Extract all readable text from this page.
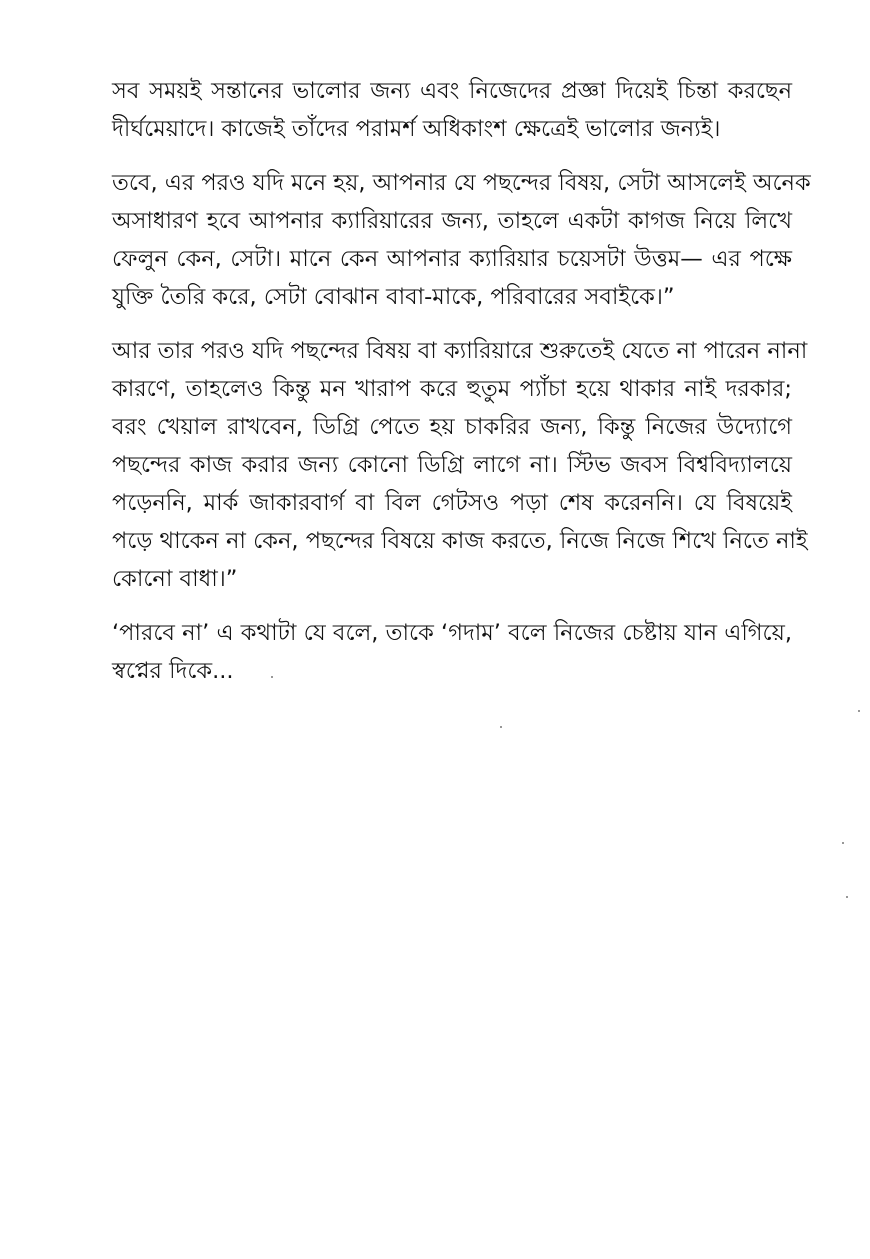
সব সময়ই সন্তানের ভালোর জন্য এবং নিজেদের প্রজ্ঞা দিয়েই চিন্তা করছেন
দীর্ঘমেয়াদে। কাজেই তাঁদের পরামর্শ অধিকাংশ ক্ষেত্রেই ভালোর জন্যই।

তবে, এর পরও যদি মনে হয়, আপনার যে পছন্দের বিষয়, সেটা আসলেই অনেক
অসাধারণ হবে আপনার ক্যারিয়ারের জন্য, তাহলে একটা কাগজ নিয়ে লিখে
ফেলুন কেন, সেটা। মানে কেন আপনার ক্যারিয়ার চয়েসটা উত্তম— এর পক্ষে
যুক্তি তৈরি করে, সেটা বোঝান বাবা-মাকে, পরিবারের সবাইকে।”

আর তার পরও যদি পছন্দের বিষয় বা ক্যারিয়ারে শুরুতেই যেতে না পারেন নানা
কারণে, তাহলেও কিন্তু মন খারাপ করে হুতুম প্যাঁচা হয়ে থাকার নাই দরকার;
বরং খেয়াল রাখবেন, ডিগ্রি পেতে হয় চাকরির জন্য, কিন্তু নিজের উদ্যোগে
পছন্দের কাজ করার জন্য কোনো ডিগ্রি লাগে না। স্টিভ জবস বিশ্ববিদ্যালয়ে
পড়েননি, মার্ক জাকারবার্গ বা বিল গেটসও পড়া শেষ করেননি। যে বিষয়েই
পড়ে থাকেন না কেন, পছন্দের বিষয়ে কাজ করতে, নিজে নিজে শিখে নিতে নাই
কোনো বাধা।”

‘পারবে না’ এ কথাটা যে বলে, তাকে ‘গদাম’ বলে নিজের চেষ্টায় যান এগিয়ে,
স্বপ্নের দিকে...
